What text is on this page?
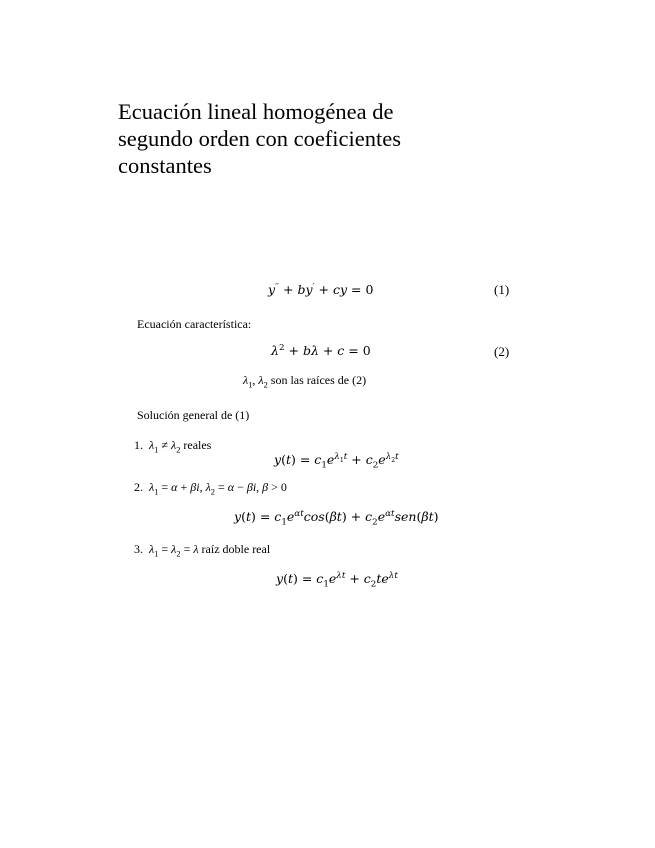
Ecuación lineal homogénea de
segundo orden con coeficientes
constantes
y′′ + by′ + cy = 0	(1)
Ecuación característica:
$\lambda^2 + b\lambda + c = 0$	(2)
$\lambda_1$, $\lambda_2$ son las raíces de (2)
Solución general de (1)
1. $\lambda_1 \ne \lambda_2$ reales
$y(t) = c_1e^{\lambda_1t} + c_2e^{\lambda_2t}$
2. $\lambda_1 = \alpha + \beta i$, $\lambda_2 = \alpha - \beta i$, β > 0
$y(t) = c_1e^{\alpha t}\cos(\beta t) + c_2e^{\alpha t}sen(\beta t)$
3. $\lambda_1 = \lambda_2 = \lambda$ raíz doble real
$y(t) = c_1e^{\lambda t} + c_2te^{\lambda t}$
